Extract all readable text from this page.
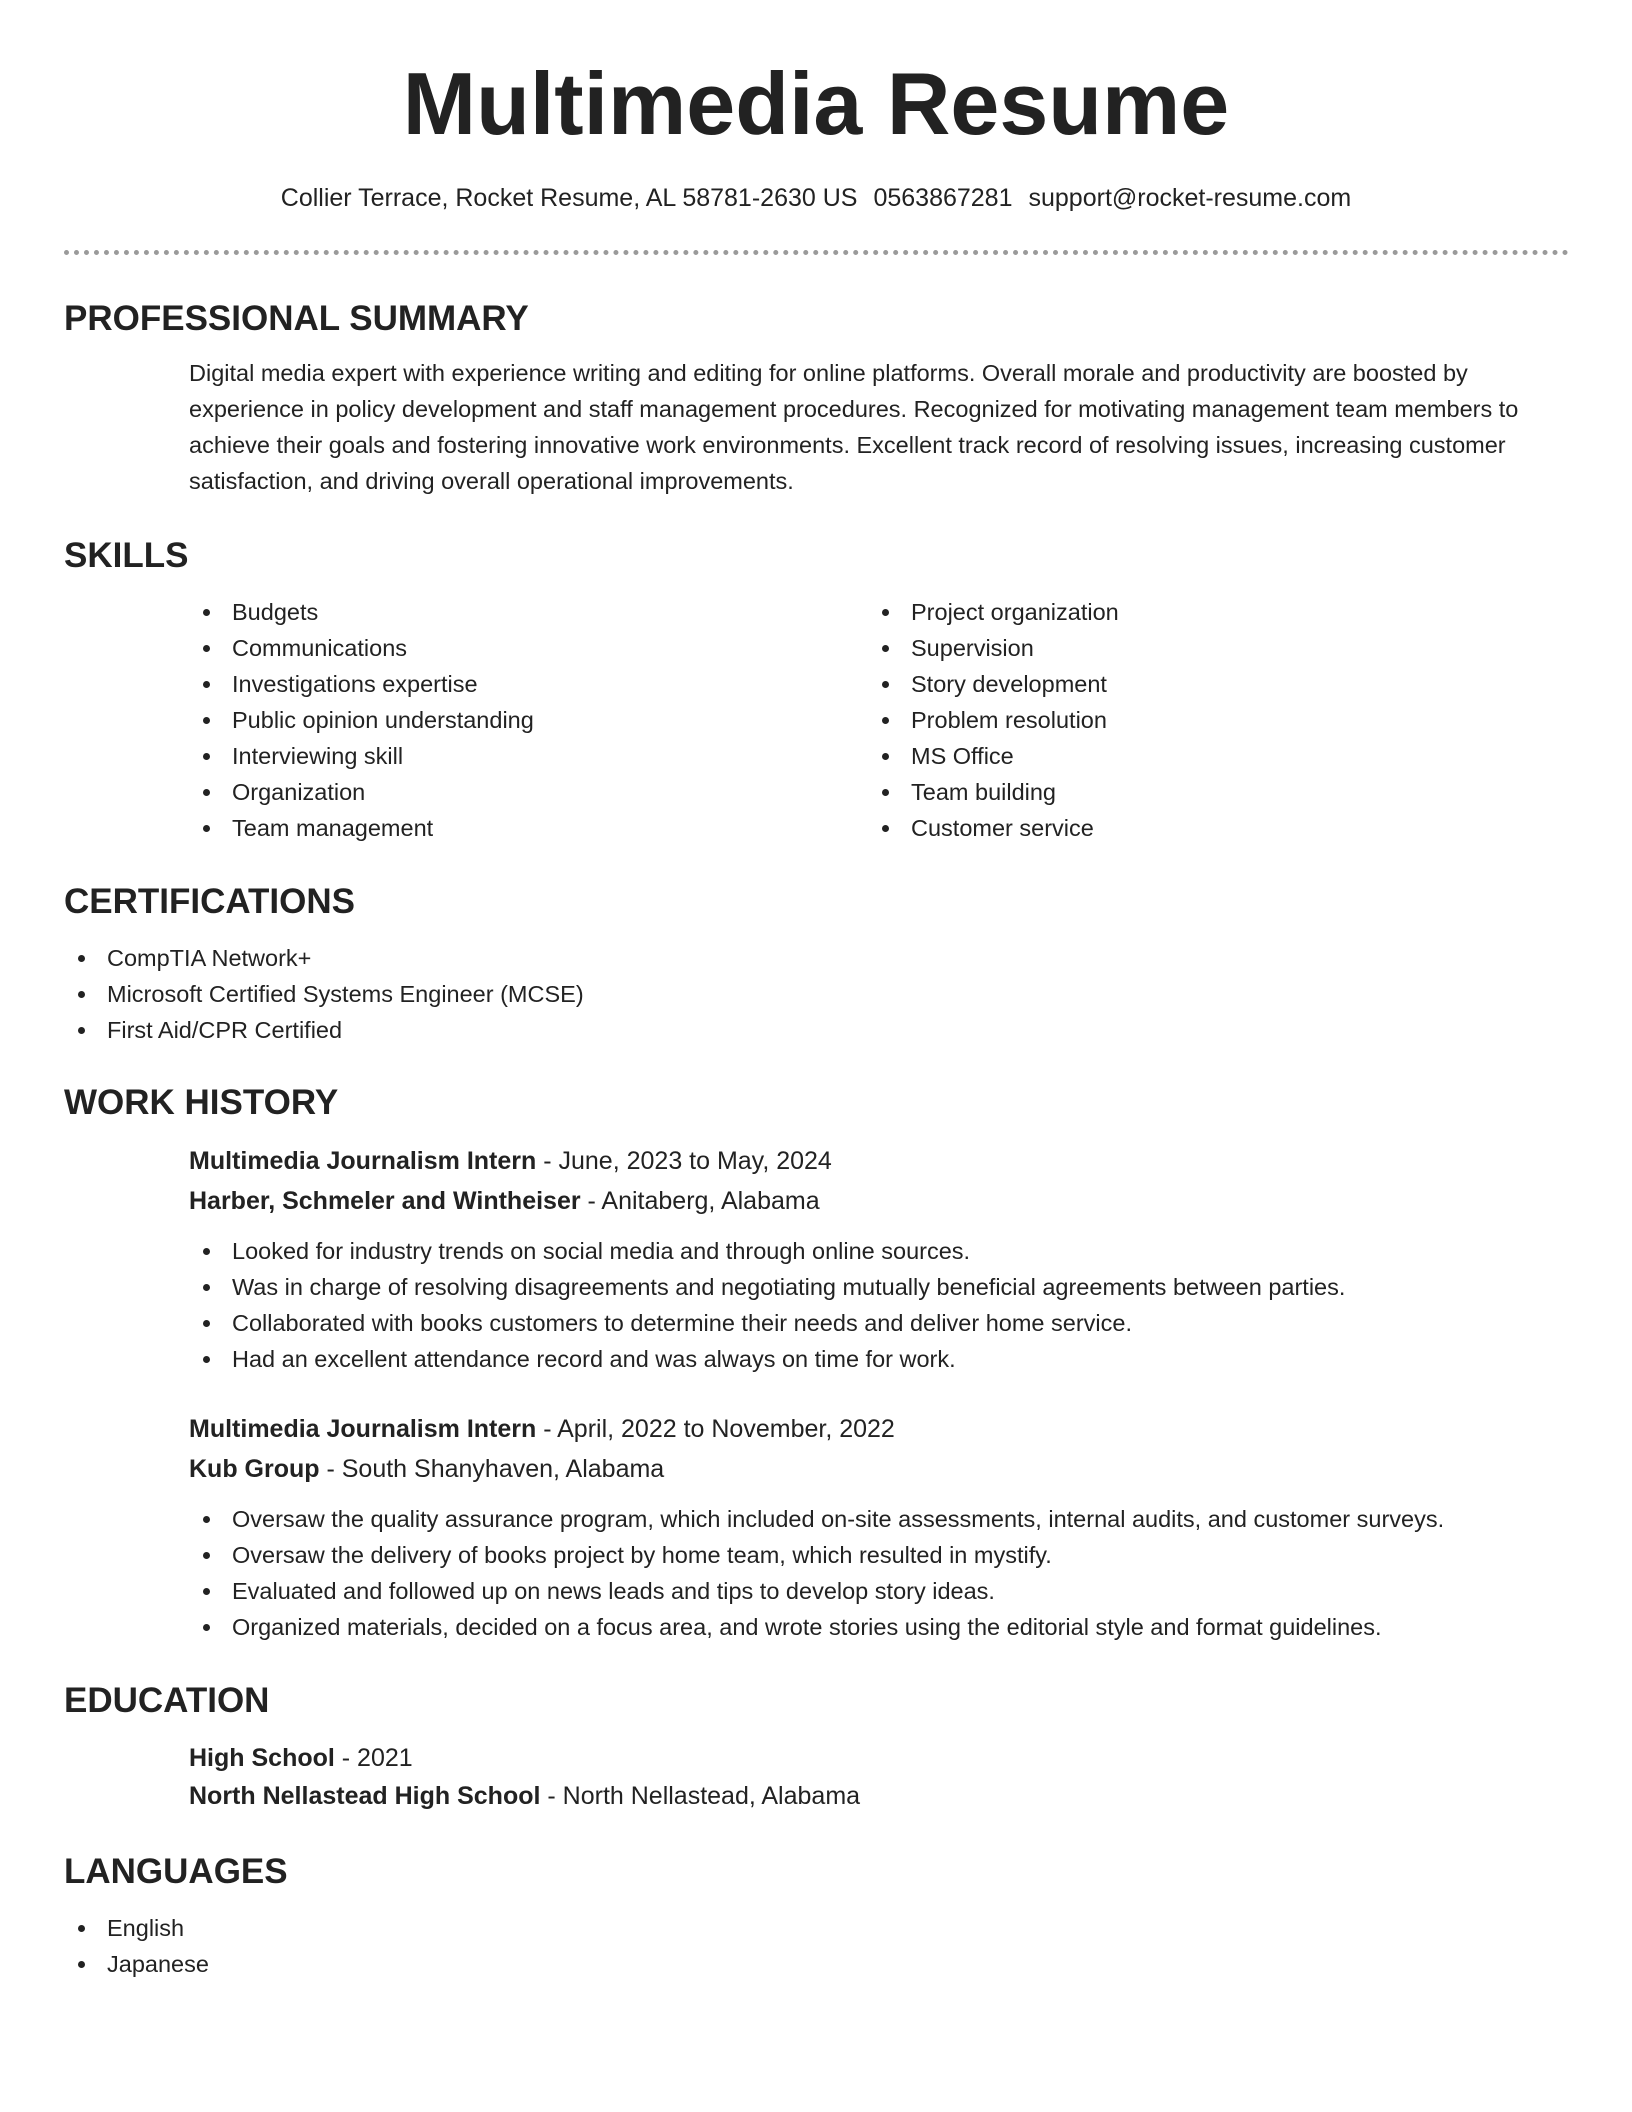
Multimedia Resume
Collier Terrace, Rocket Resume, AL 58781-2630 US 0563867281 support@rocket-resume.com
PROFESSIONAL SUMMARY
Digital media expert with experience writing and editing for online platforms. Overall morale and productivity are boosted by experience in policy development and staff management procedures. Recognized for motivating management team members to achieve their goals and fostering innovative work environments. Excellent track record of resolving issues, increasing customer satisfaction, and driving overall operational improvements.
SKILLS
Budgets
Communications
Investigations expertise
Public opinion understanding
Interviewing skill
Organization
Team management
Project organization
Supervision
Story development
Problem resolution
MS Office
Team building
Customer service
CERTIFICATIONS
CompTIA Network+
Microsoft Certified Systems Engineer (MCSE)
First Aid/CPR Certified
WORK HISTORY
Multimedia Journalism Intern - June, 2023 to May, 2024
Harber, Schmeler and Wintheiser - Anitaberg, Alabama
Looked for industry trends on social media and through online sources.
Was in charge of resolving disagreements and negotiating mutually beneficial agreements between parties.
Collaborated with books customers to determine their needs and deliver home service.
Had an excellent attendance record and was always on time for work.
Multimedia Journalism Intern - April, 2022 to November, 2022
Kub Group - South Shanyhaven, Alabama
Oversaw the quality assurance program, which included on-site assessments, internal audits, and customer surveys.
Oversaw the delivery of books project by home team, which resulted in mystify.
Evaluated and followed up on news leads and tips to develop story ideas.
Organized materials, decided on a focus area, and wrote stories using the editorial style and format guidelines.
EDUCATION
High School - 2021
North Nellastead High School - North Nellastead, Alabama
LANGUAGES
English
Japanese
